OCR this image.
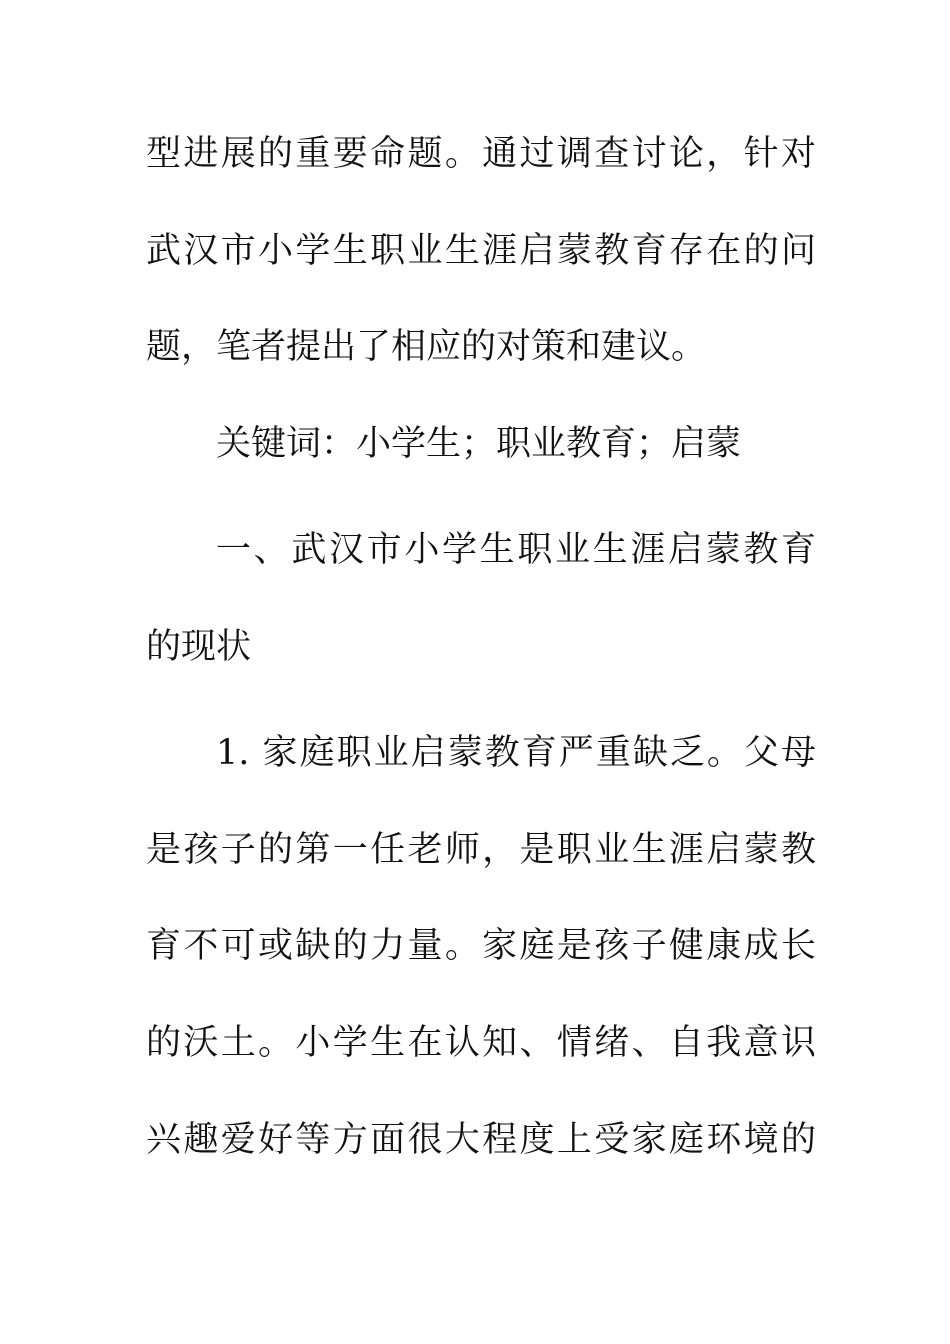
型进展的重要命题。通过调查讨论，针对
武汉市小学生职业生涯启蒙教育存在的问
题，笔者提出了相应的对策和建议。
关键词：小学生；职业教育；启蒙
一、武汉市小学生职业生涯启蒙教育
的现状
1. 家庭职业启蒙教育严重缺乏。父母
是孩子的第一任老师，是职业生涯启蒙教
育不可或缺的力量。家庭是孩子健康成长
的沃土。小学生在认知、情绪、自我意识
兴趣爱好等方面很大程度上受家庭环境的
